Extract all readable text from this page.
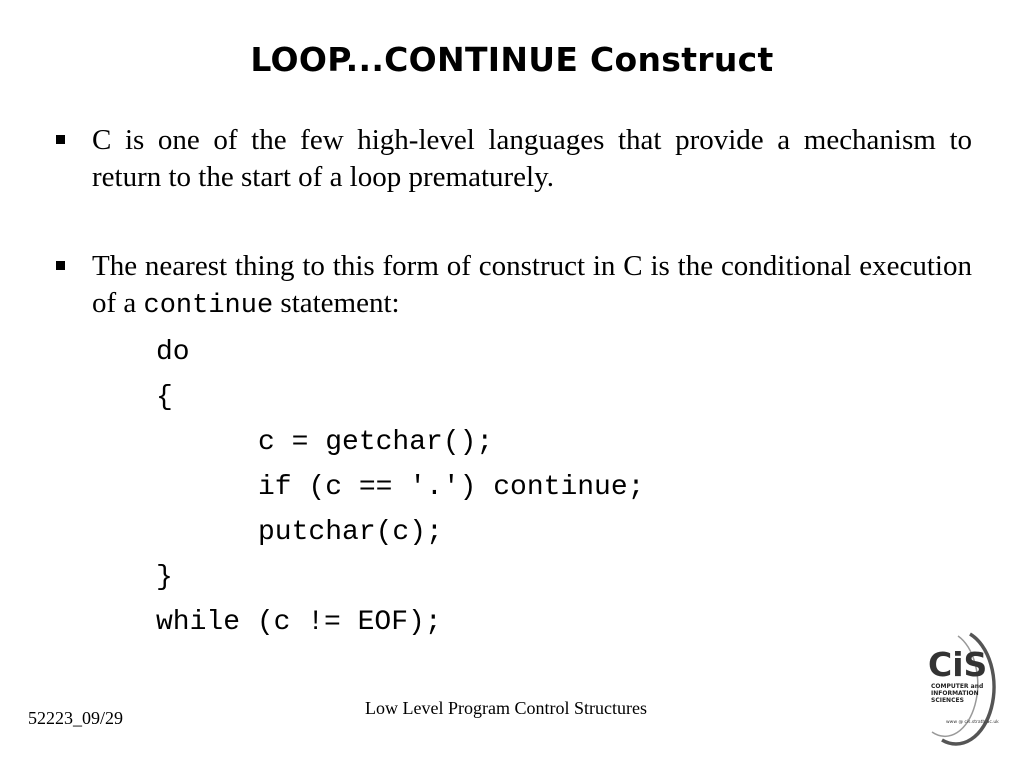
LOOP...CONTINUE Construct
C is one of the few high-level languages that provide a mechanism to return to the start of a loop prematurely.
The nearest thing to this form of construct in C is the conditional execution of a continue statement:
do
{
c = getchar();
if (c == '.') continue;
putchar(c);
}
while (c != EOF);
52223_09/29	Low Level Program Control Structures
CiS
COMPUTER and
INFORMATION
SCIENCES
www @ cis.strath.ac.uk
